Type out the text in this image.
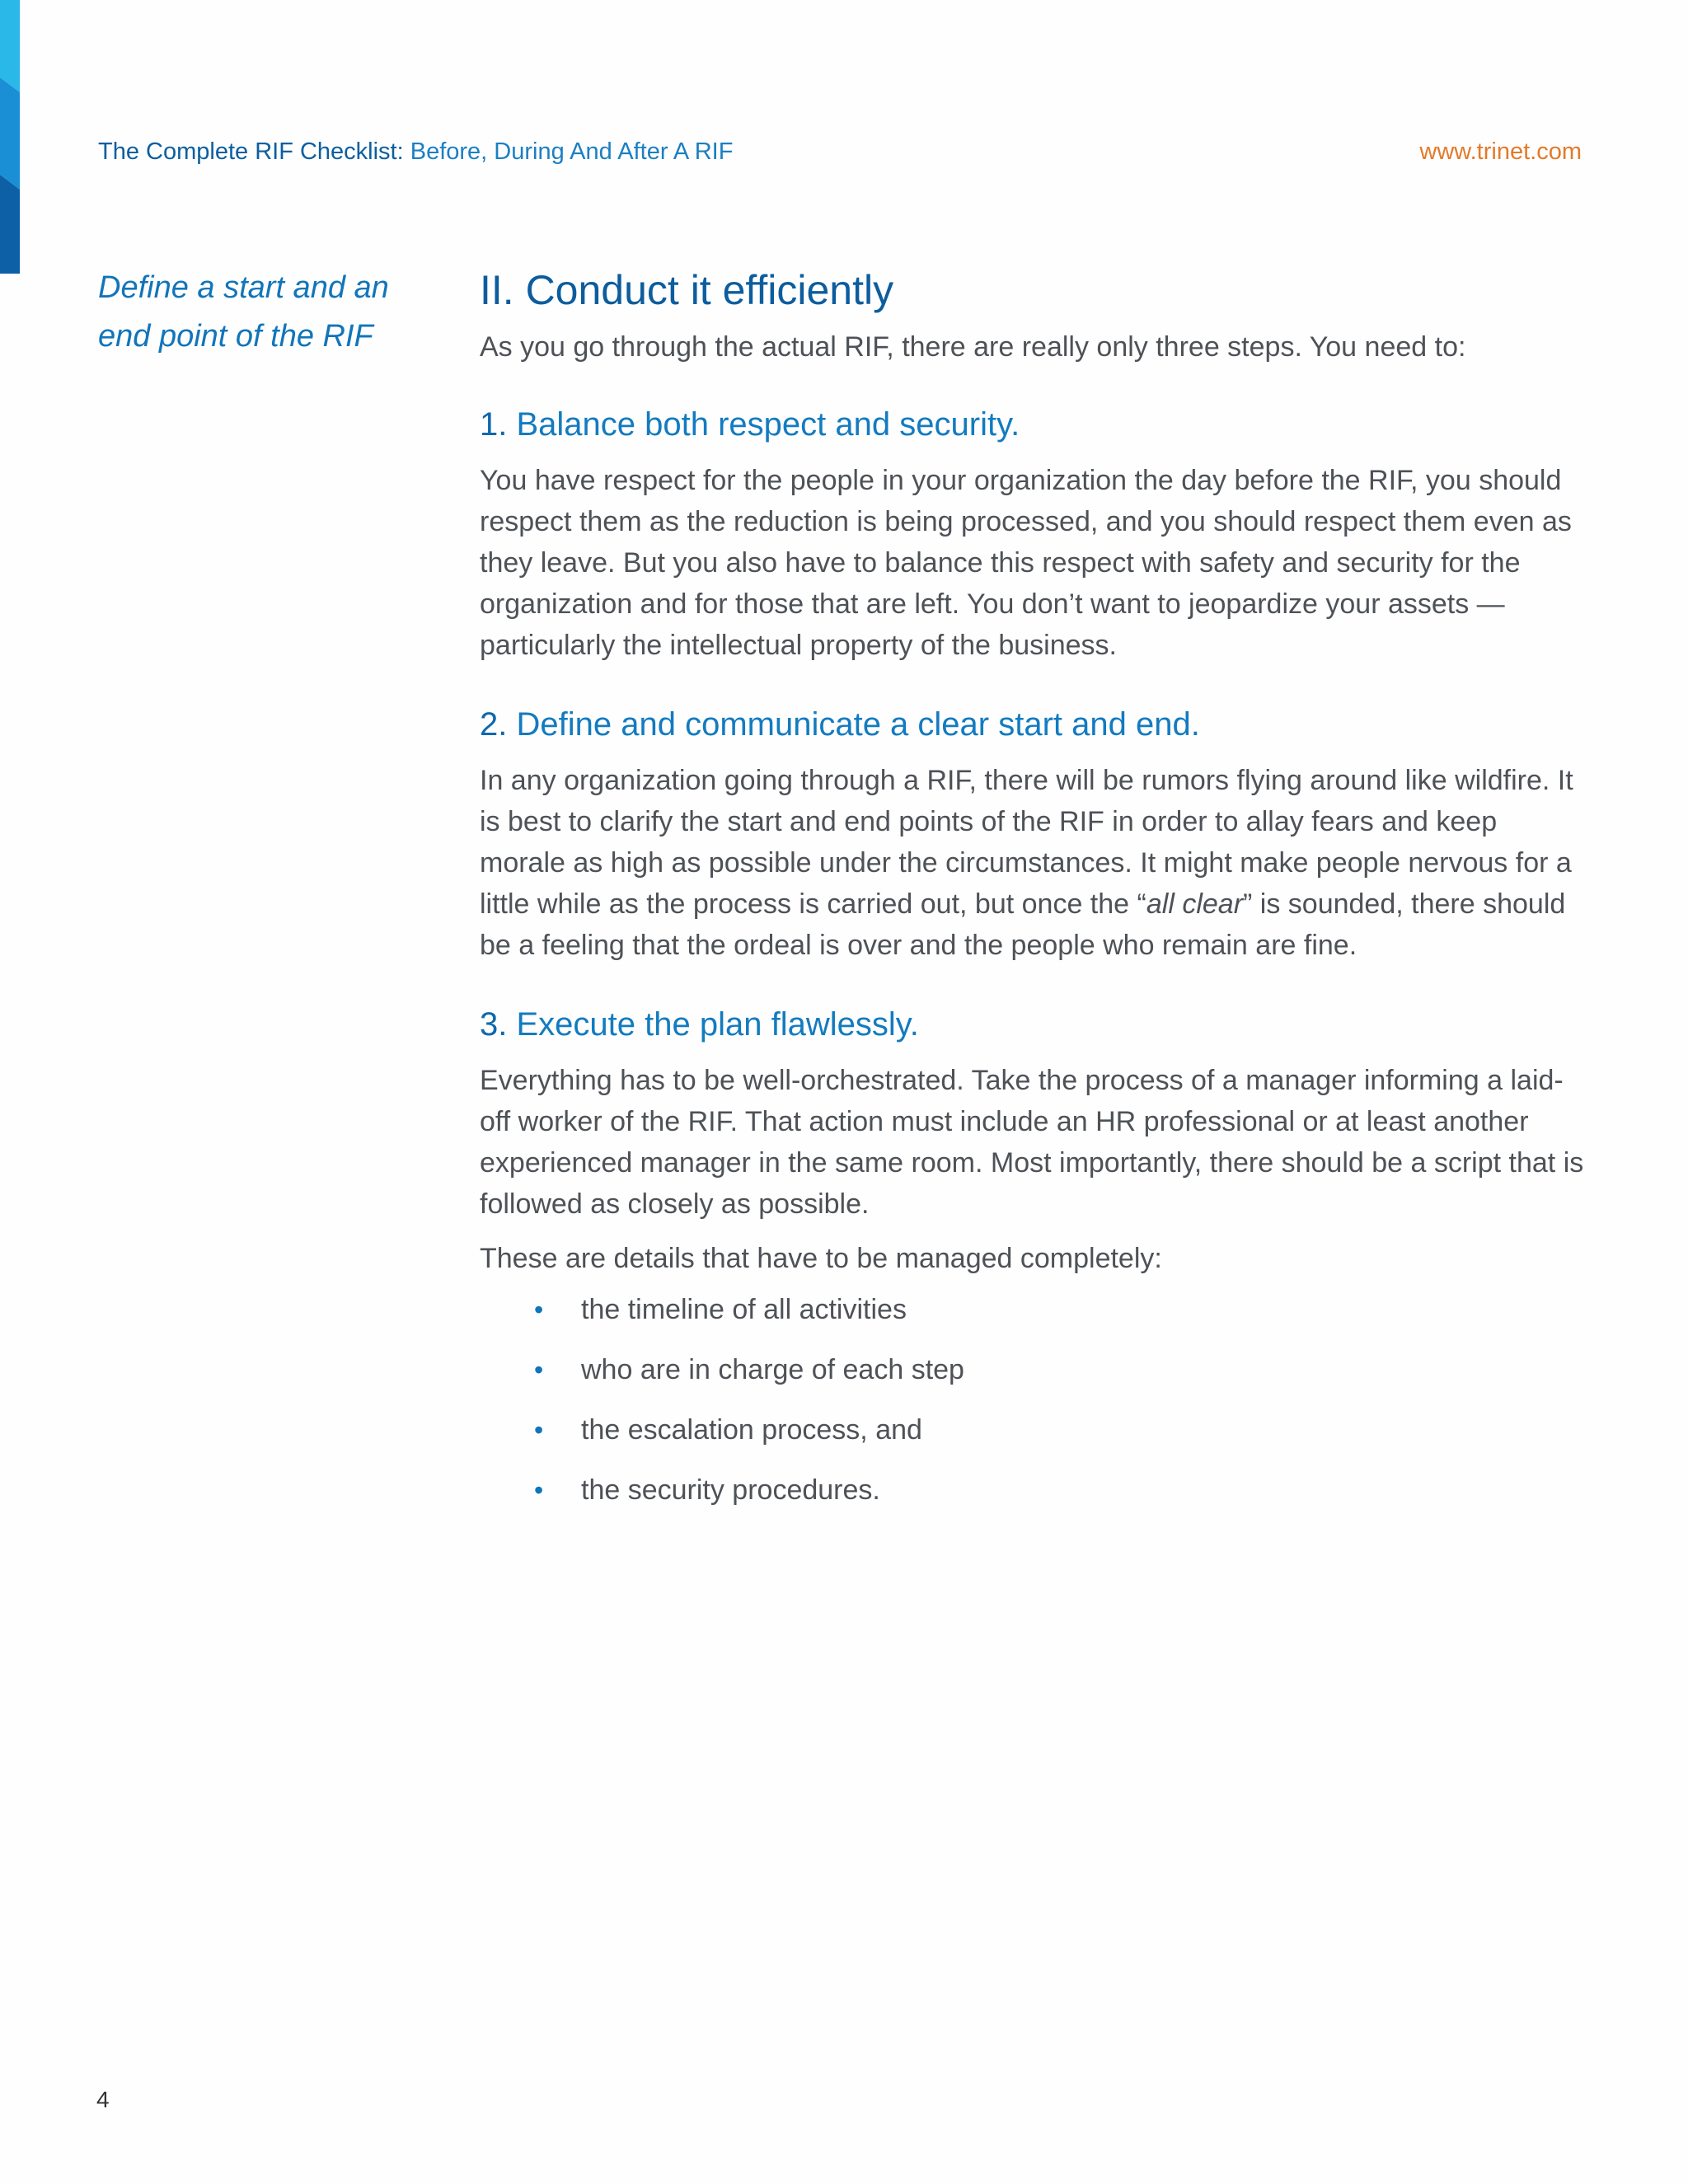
The Complete RIF Checklist: Before, During And After A RIF	www.trinet.com
Define a start and an end point of the RIF
II. Conduct it efficiently

As you go through the actual RIF, there are really only three steps. You need to:

1. Balance both respect and security.

You have respect for the people in your organization the day before the RIF, you should respect them as the reduction is being processed, and you should respect them even as they leave. But you also have to balance this respect with safety and security for the organization and for those that are left. You don’t want to jeopardize your assets — particularly the intellectual property of the business.

2. Define and communicate a clear start and end.

In any organization going through a RIF, there will be rumors flying around like wildfire. It is best to clarify the start and end points of the RIF in order to allay fears and keep morale as high as possible under the circumstances. It might make people nervous for a little while as the process is carried out, but once the “all clear” is sounded, there should be a feeling that the ordeal is over and the people who remain are fine.

3. Execute the plan flawlessly.

Everything has to be well-orchestrated. Take the process of a manager informing a laid-off worker of the RIF. That action must include an HR professional or at least another experienced manager in the same room. Most importantly, there should be a script that is followed as closely as possible.

These are details that have to be managed completely:

• the timeline of all activities
• who are in charge of each step
• the escalation process, and
• the security procedures.
4
